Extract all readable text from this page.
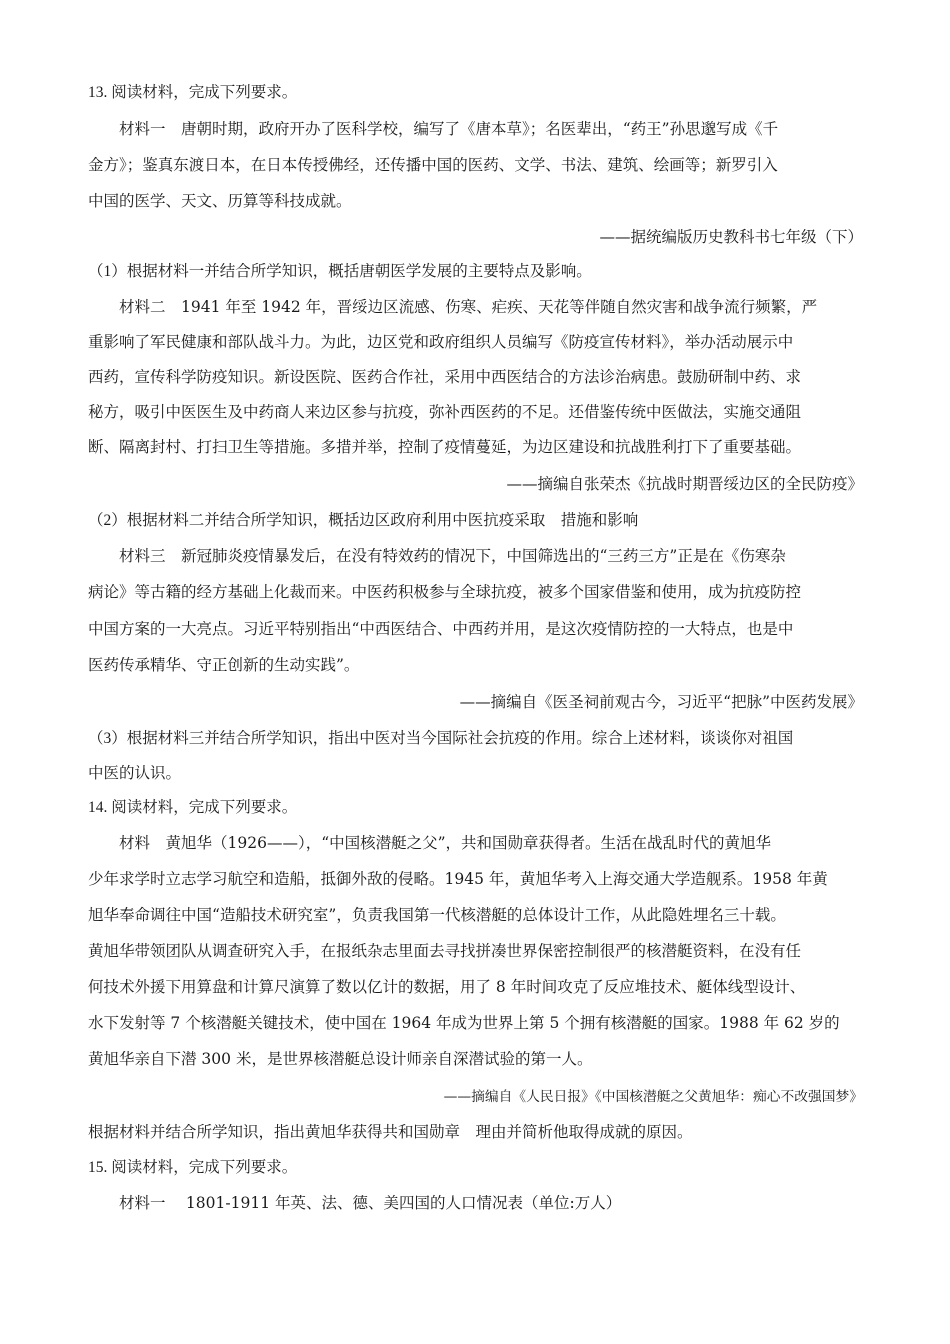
13. 阅读材料，完成下列要求。
材料一　唐朝时期，政府开办了医科学校，编写了《唐本草》；名医辈出，“药王”孙思邈写成《千
金方》；鉴真东渡日本，在日本传授佛经，还传播中国的医药、文学、书法、建筑、绘画等；新罗引入
中国的医学、天文、历算等科技成就。
——据统编版历史教科书七年级（下）
（1）根据材料一并结合所学知识，概括唐朝医学发展的主要特点及影响。
材料二　1941 年至 1942 年，晋绥边区流感、伤寒、疟疾、天花等伴随自然灾害和战争流行频繁，严
重影响了军民健康和部队战斗力。为此，边区党和政府组织人员编写《防疫宣传材料》，举办活动展示中
西药，宣传科学防疫知识。新设医院、医药合作社，采用中西医结合的方法诊治病患。鼓励研制中药、求
秘方，吸引中医医生及中药商人来边区参与抗疫，弥补西医药的不足。还借鉴传统中医做法，实施交通阻
断、隔离封村、打扫卫生等措施。多措并举，控制了疫情蔓延，为边区建设和抗战胜利打下了重要基础。
——摘编自张荣杰《抗战时期晋绥边区的全民防疫》
（2）根据材料二并结合所学知识，概括边区政府利用中医抗疫采取　措施和影响
材料三　新冠肺炎疫情暴发后，在没有特效药的情况下，中国筛选出的“三药三方”正是在《伤寒杂
病论》等古籍的经方基础上化裁而来。中医药积极参与全球抗疫，被多个国家借鉴和使用，成为抗疫防控
中国方案的一大亮点。习近平特别指出“中西医结合、中西药并用，是这次疫情防控的一大特点，也是中
医药传承精华、守正创新的生动实践”。
——摘编自《医圣祠前观古今，习近平“把脉”中医药发展》
（3）根据材料三并结合所学知识，指出中医对当今国际社会抗疫的作用。综合上述材料，谈谈你对祖国
中医的认识。
14. 阅读材料，完成下列要求。
材料　黄旭华（1926——），“中国核潜艇之父”，共和国勋章获得者。生活在战乱时代的黄旭华
少年求学时立志学习航空和造船，抵御外敌的侵略。1945 年，黄旭华考入上海交通大学造舰系。1958 年黄
旭华奉命调往中国“造船技术研究室”，负责我国第一代核潜艇的总体设计工作，从此隐姓埋名三十载。
黄旭华带领团队从调查研究入手，在报纸杂志里面去寻找拼凑世界保密控制很严的核潜艇资料，在没有任
何技术外援下用算盘和计算尺演算了数以亿计的数据，用了 8 年时间攻克了反应堆技术、艇体线型设计、
水下发射等 7 个核潜艇关键技术，使中国在 1964 年成为世界上第 5 个拥有核潜艇的国家。1988 年 62 岁的
黄旭华亲自下潜 300 米，是世界核潜艇总设计师亲自深潜试验的第一人。
——摘编自《人民日报》《中国核潜艇之父黄旭华：痴心不改强国梦》
根据材料并结合所学知识，指出黄旭华获得共和国勋章　理由并简析他取得成就的原因。
15. 阅读材料，完成下列要求。
材料一　 1801-1911 年英、法、德、美四国的人口情况表（单位:万人）
